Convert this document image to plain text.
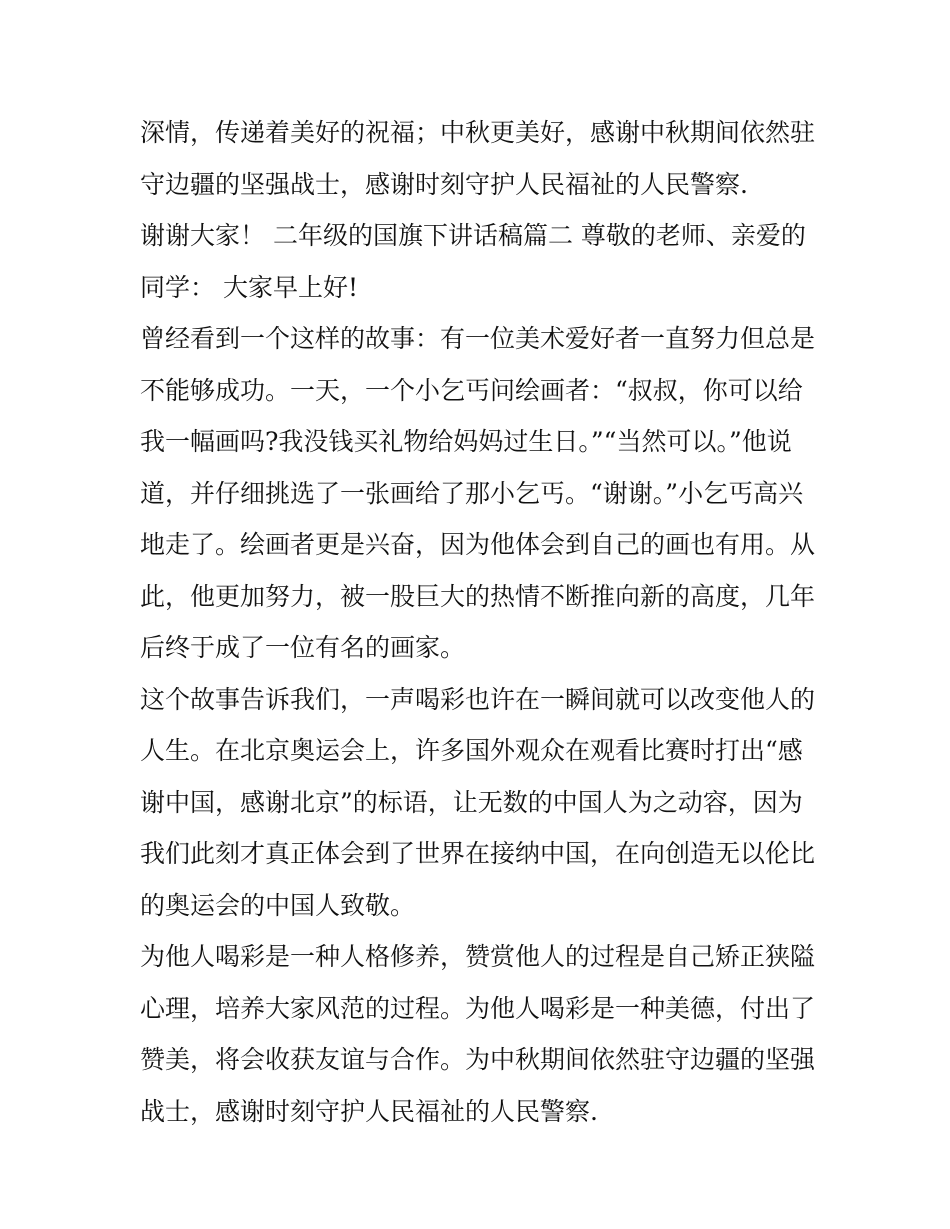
深情，传递着美好的祝福；中秋更美好，感谢中秋期间依然驻
守边疆的坚强战士，感谢时刻守护人民福祉的人民警察.
谢谢大家！ 二年级的国旗下讲话稿篇二 尊敬的老师、亲爱的
同学： 大家早上好!
曾经看到一个这样的故事：有一位美术爱好者一直努力但总是
不能够成功。一天，一个小乞丐问绘画者：“叔叔，你可以给
我一幅画吗?我没钱买礼物给妈妈过生日。”“当然可以。”他说
道，并仔细挑选了一张画给了那小乞丐。“谢谢。”小乞丐高兴
地走了。绘画者更是兴奋，因为他体会到自己的画也有用。从
此，他更加努力，被一股巨大的热情不断推向新的高度，几年
后终于成了一位有名的画家。
这个故事告诉我们，一声喝彩也许在一瞬间就可以改变他人的
人生。在北京奥运会上，许多国外观众在观看比赛时打出“感
谢中国，感谢北京”的标语，让无数的中国人为之动容，因为
我们此刻才真正体会到了世界在接纳中国，在向创造无以伦比
的奥运会的中国人致敬。
为他人喝彩是一种人格修养，赞赏他人的过程是自己矫正狭隘
心理，培养大家风范的过程。为他人喝彩是一种美德，付出了
赞美，将会收获友谊与合作。为中秋期间依然驻守边疆的坚强
战士，感谢时刻守护人民福祉的人民警察.
